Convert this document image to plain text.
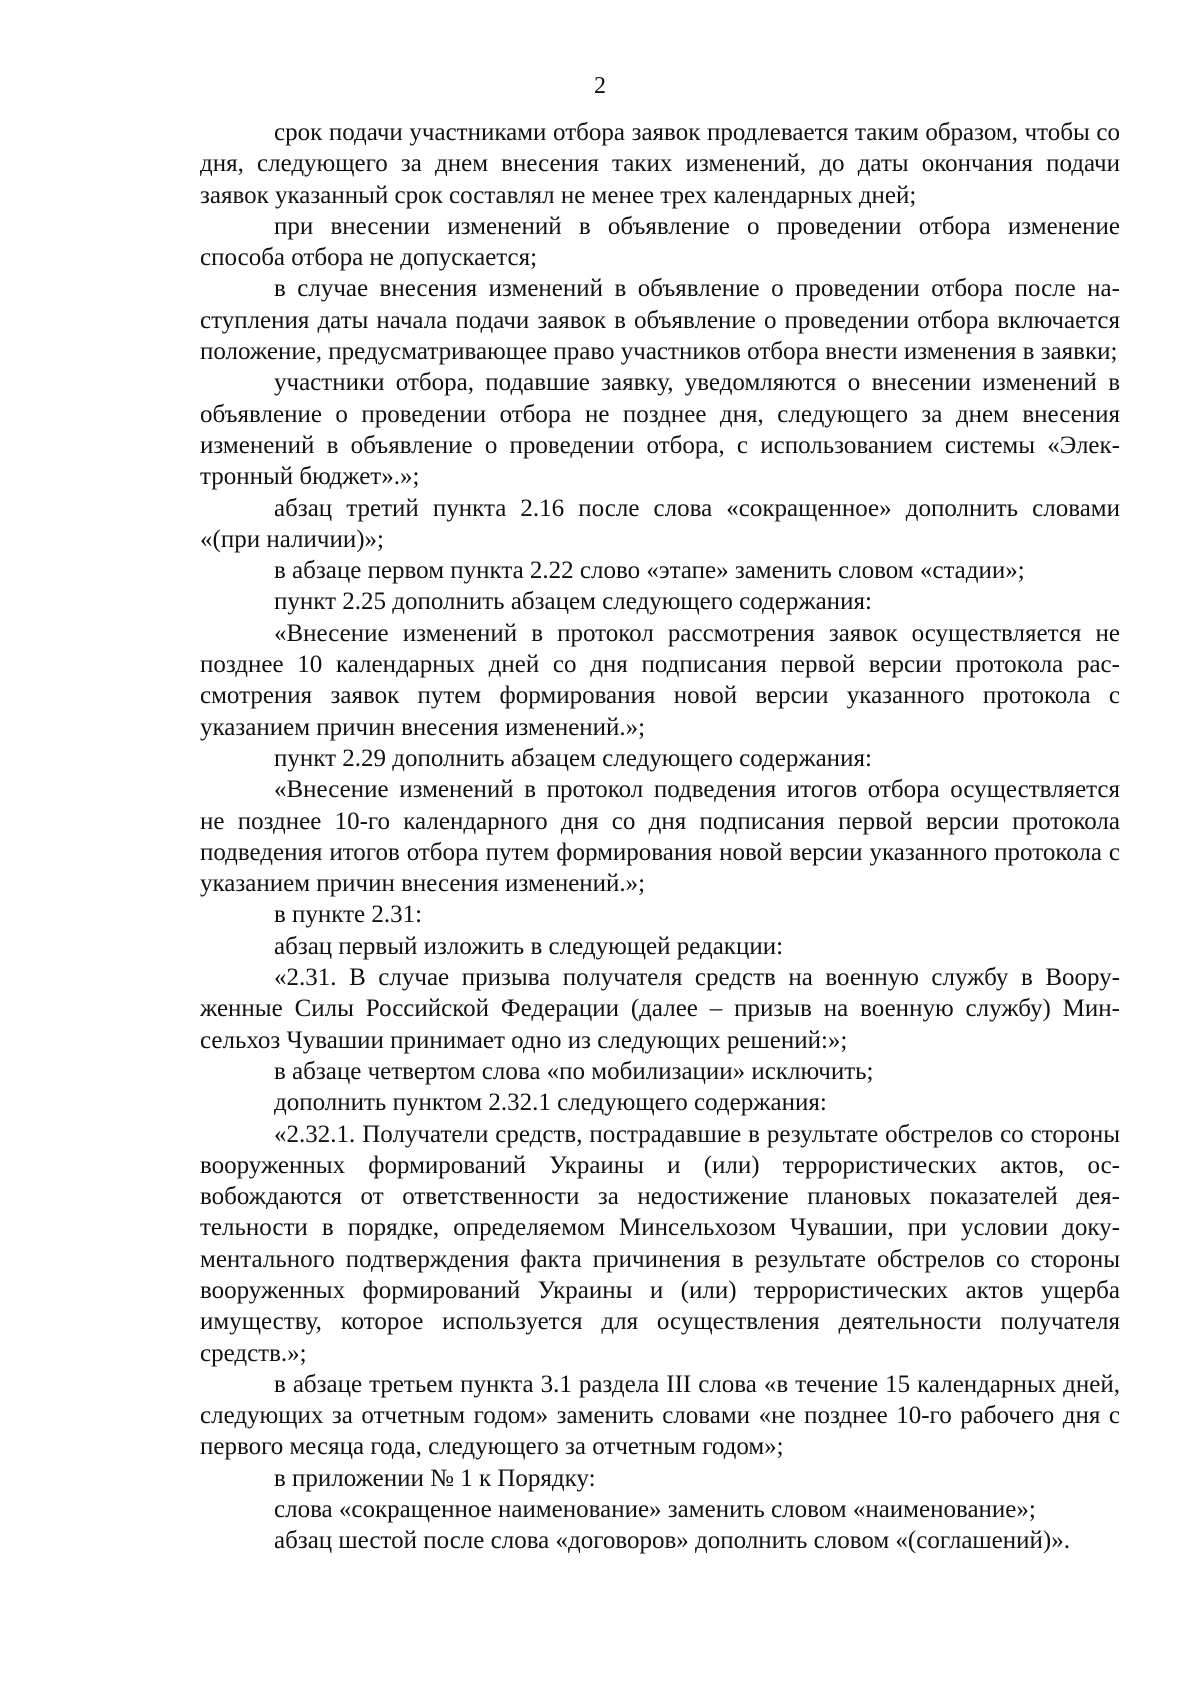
2

срок подачи участниками отбора заявок продлевается таким образом, чтобы со дня, следующего за днем внесения таких изменений, до даты окончания подачи заявок указанный срок составлял не менее трех календарных дней;

при внесении изменений в объявление о проведении отбора изменение способа отбора не допускается;

в случае внесения изменений в объявление о проведении отбора после наступления даты начала подачи заявок в объявление о проведении отбора включается положение, предусматривающее право участников отбора внести изменения в заявки;

участники отбора, подавшие заявку, уведомляются о внесении изменений в объявление о проведении отбора не позднее дня, следующего за днем внесения изменений в объявление о проведении отбора, с использованием системы «Электронный бюджет».»;

абзац третий пункта 2.16 после слова «сокращенное» дополнить словами «(при наличии)»;

в абзаце первом пункта 2.22 слово «этапе» заменить словом «стадии»;

пункт 2.25 дополнить абзацем следующего содержания:

«Внесение изменений в протокол рассмотрения заявок осуществляется не позднее 10 календарных дней со дня подписания первой версии протокола рассмотрения заявок путем формирования новой версии указанного протокола с указанием причин внесения изменений.»;

пункт 2.29 дополнить абзацем следующего содержания:

«Внесение изменений в протокол подведения итогов отбора осуществляется не позднее 10-го календарного дня со дня подписания первой версии протокола подведения итогов отбора путем формирования новой версии указанного протокола с указанием причин внесения изменений.»;

в пункте 2.31:

абзац первый изложить в следующей редакции:

«2.31. В случае призыва получателя средств на военную службу в Вооруженные Силы Российской Федерации (далее – призыв на военную службу) Минсельхоз Чувашии принимает одно из следующих решений:»;

в абзаце четвертом слова «по мобилизации» исключить;

дополнить пунктом 2.32.1 следующего содержания:

«2.32.1. Получатели средств, пострадавшие в результате обстрелов со стороны вооруженных формирований Украины и (или) террористических актов, освобождаются от ответственности за недостижение плановых показателей деятельности в порядке, определяемом Минсельхозом Чувашии, при условии документального подтверждения факта причинения в результате обстрелов со стороны вооруженных формирований Украины и (или) террористических актов ущерба имуществу, которое используется для осуществления деятельности получателя средств.»;

в абзаце третьем пункта 3.1 раздела III слова «в течение 15 календарных дней, следующих за отчетным годом» заменить словами «не позднее 10-го рабочего дня с первого месяца года, следующего за отчетным годом»;

в приложении № 1 к Порядку:

слова «сокращенное наименование» заменить словом «наименование»;

абзац шестой после слова «договоров» дополнить словом «(соглашений)».
